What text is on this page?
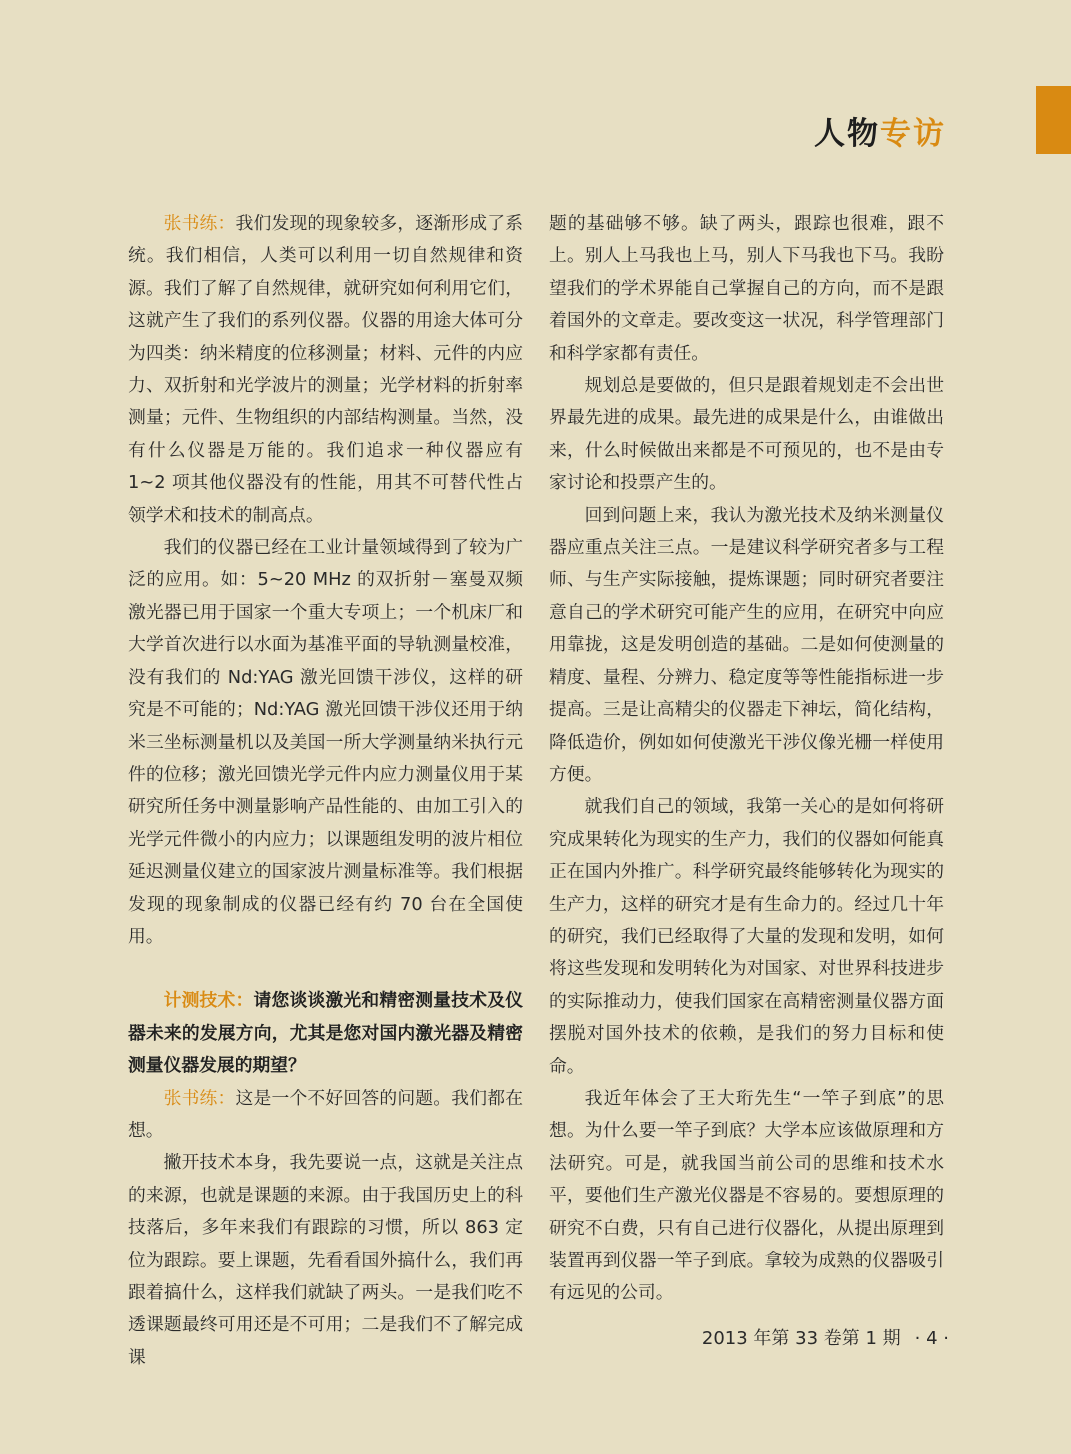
人物专访

张书练：我们发现的现象较多，逐渐形成了系统。我们相信，人类可以利用一切自然规律和资源。我们了解了自然规律，就研究如何利用它们，这就产生了我们的系列仪器。仪器的用途大体可分为四类：纳米精度的位移测量；材料、元件的内应力、双折射和光学波片的测量；光学材料的折射率测量；元件、生物组织的内部结构测量。当然，没有什么仪器是万能的。我们追求一种仪器应有 1~2 项其他仪器没有的性能，用其不可替代性占领学术和技术的制高点。

我们的仪器已经在工业计量领域得到了较为广泛的应用。如：5~20 MHz 的双折射－塞曼双频激光器已用于国家一个重大专项上；一个机床厂和大学首次进行以水面为基准平面的导轨测量校准，没有我们的 Nd:YAG 激光回馈干涉仪，这样的研究是不可能的；Nd:YAG 激光回馈干涉仪还用于纳米三坐标测量机以及美国一所大学测量纳米执行元件的位移；激光回馈光学元件内应力测量仪用于某研究所任务中测量影响产品性能的、由加工引入的光学元件微小的内应力；以课题组发明的波片相位延迟测量仪建立的国家波片测量标准等。我们根据发现的现象制成的仪器已经有约 70 台在全国使用。

计测技术：请您谈谈激光和精密测量技术及仪器未来的发展方向，尤其是您对国内激光器及精密测量仪器发展的期望？

张书练：这是一个不好回答的问题。我们都在想。

撇开技术本身，我先要说一点，这就是关注点的来源，也就是课题的来源。由于我国历史上的科技落后，多年来我们有跟踪的习惯，所以 863 定位为跟踪。要上课题，先看看国外搞什么，我们再跟着搞什么，这样我们就缺了两头。一是我们吃不透课题最终可用还是不可用；二是我们不了解完成课

题的基础够不够。缺了两头，跟踪也很难，跟不上。别人上马我也上马，别人下马我也下马。我盼望我们的学术界能自己掌握自己的方向，而不是跟着国外的文章走。要改变这一状况，科学管理部门和科学家都有责任。

规划总是要做的，但只是跟着规划走不会出世界最先进的成果。最先进的成果是什么，由谁做出来，什么时候做出来都是不可预见的，也不是由专家讨论和投票产生的。

回到问题上来，我认为激光技术及纳米测量仪器应重点关注三点。一是建议科学研究者多与工程师、与生产实际接触，提炼课题；同时研究者要注意自己的学术研究可能产生的应用，在研究中向应用靠拢，这是发明创造的基础。二是如何使测量的精度、量程、分辨力、稳定度等等性能指标进一步提高。三是让高精尖的仪器走下神坛，简化结构，降低造价，例如如何使激光干涉仪像光栅一样使用方便。

就我们自己的领域，我第一关心的是如何将研究成果转化为现实的生产力，我们的仪器如何能真正在国内外推广。科学研究最终能够转化为现实的生产力，这样的研究才是有生命力的。经过几十年的研究，我们已经取得了大量的发现和发明，如何将这些发现和发明转化为对国家、对世界科技进步的实际推动力，使我们国家在高精密测量仪器方面摆脱对国外技术的依赖，是我们的努力目标和使命。

我近年体会了王大珩先生“一竿子到底”的思想。为什么要一竿子到底？大学本应该做原理和方法研究。可是，就我国当前公司的思维和技术水平，要他们生产激光仪器是不容易的。要想原理的研究不白费，只有自己进行仪器化，从提出原理到装置再到仪器一竿子到底。拿较为成熟的仪器吸引有远见的公司。

2013 年第 33 卷第 1 期 · 4 ·
